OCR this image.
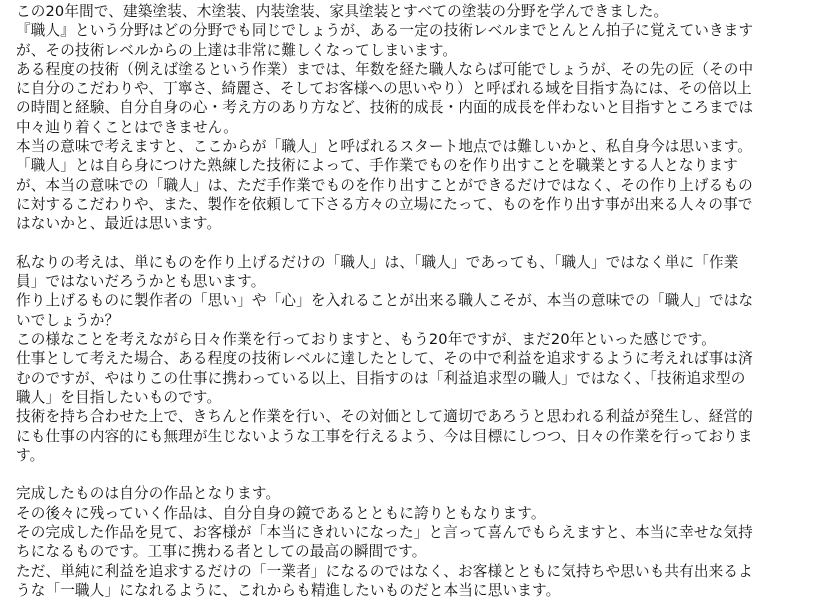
この20年間で、建築塗装、木塗装、内装塗装、家具塗装とすべての塗装の分野を学んできました。
『職人』という分野はどの分野でも同じでしょうが、ある一定の技術レベルまでとんとん拍子に覚えていきます
が、その技術レベルからの上達は非常に難しくなってしまいます。
ある程度の技術（例えば塗るという作業）までは、年数を経た職人ならば可能でしょうが、その先の匠（その中
に自分のこだわりや、丁寧さ、綺麗さ、そしてお客様への思いやり）と呼ばれる域を目指す為には、その倍以上
の時間と経験、自分自身の心・考え方のあり方など、技術的成長・内面的成長を伴わないと目指すところまでは
中々辿り着くことはできません。
本当の意味で考えますと、ここからが「職人」と呼ばれるスタート地点では難しいかと、私自身今は思います。
「職人」とは自ら身につけた熟練した技術によって、手作業でものを作り出すことを職業とする人となります
が、本当の意味での「職人」は、ただ手作業でものを作り出すことができるだけではなく、その作り上げるもの
に対するこだわりや、また、製作を依頼して下さる方々の立場にたって、ものを作り出す事が出来る人々の事で
はないかと、最近は思います。
私なりの考えは、単にものを作り上げるだけの「職人」は、「職人」であっても、「職人」ではなく単に「作業
員」ではないだろうかとも思います。
作り上げるものに製作者の「思い」や「心」を入れることが出来る職人こそが、本当の意味での「職人」ではな
いでしょうか？
この様なことを考えながら日々作業を行っておりますと、もう20年ですが、まだ20年といった感じです。
仕事として考えた場合、ある程度の技術レベルに達したとして、その中で利益を追求するように考えれば事は済
むのですが、やはりこの仕事に携わっている以上、目指すのは「利益追求型の職人」ではなく、「技術追求型の
職人」を目指したいものです。
技術を持ち合わせた上で、きちんと作業を行い、その対価として適切であろうと思われる利益が発生し、経営的
にも仕事の内容的にも無理が生じないような工事を行えるよう、今は目標にしつつ、日々の作業を行っておりま
す。
完成したものは自分の作品となります。
その後々に残っていく作品は、自分自身の鏡であるとともに誇りともなります。
その完成した作品を見て、お客様が「本当にきれいになった」と言って喜んでもらえますと、本当に幸せな気持
ちになるものです。工事に携わる者としての最高の瞬間です。
ただ、単純に利益を追求するだけの「一業者」になるのではなく、お客様とともに気持ちや思いも共有出来るよ
うな「一職人」になれるように、これからも精進したいものだと本当に思います。
